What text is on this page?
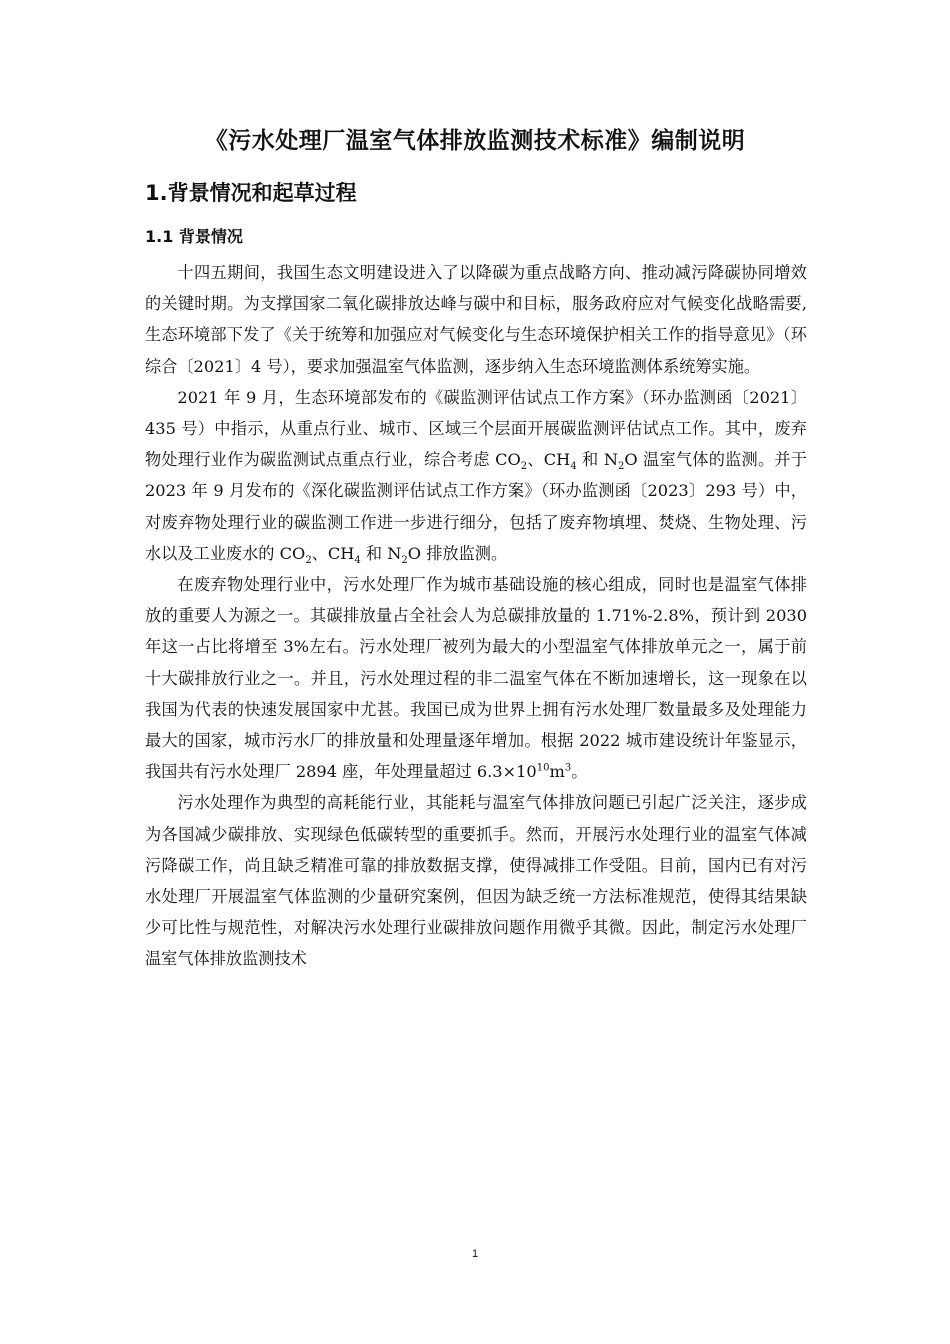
《污水处理厂温室气体排放监测技术标准》编制说明
1.背景情况和起草过程
1.1 背景情况

十四五期间，我国生态文明建设进入了以降碳为重点战略方向、推动减污降碳协同增效的关键时期。为支撑国家二氧化碳排放达峰与碳中和目标，服务政府应对气候变化战略需要,生态环境部下发了《关于统筹和加强应对气候变化与生态环境保护相关工作的指导意见》（环综合〔2021〕4 号），要求加强温室气体监测，逐步纳入生态环境监测体系统筹实施。

2021 年 9 月，生态环境部发布的《碳监测评估试点工作方案》（环办监测函〔2021〕435 号）中指示，从重点行业、城市、区域三个层面开展碳监测评估试点工作。其中，废弃物处理行业作为碳监测试点重点行业，综合考虑 $CO_2$、$CH_4$ 和 $N_2O$ 温室气体的监测。并于 2023 年 9 月发布的《深化碳监测评估试点工作方案》（环办监测函〔2023〕293 号）中，对废弃物处理行业的碳监测工作进一步进行细分，包括了废弃物填埋、焚烧、生物处理、污水以及工业废水的 $CO_2$、$CH_4$ 和 $N_2O$ 排放监测。

在废弃物处理行业中，污水处理厂作为城市基础设施的核心组成，同时也是温室气体排放的重要人为源之一。其碳排放量占全社会人为总碳排放量的 1.71%-2.8%，预计到 2030 年这一占比将增至 3%左右。污水处理厂被列为最大的小型温室气体排放单元之一，属于前十大碳排放行业之一。并且，污水处理过程的非二温室气体在不断加速增长，这一现象在以我国为代表的快速发展国家中尤甚。我国已成为世界上拥有污水处理厂数量最多及处理能力最大的国家，城市污水厂的排放量和处理量逐年增加。根据 2022 城市建设统计年鉴显示，我国共有污水处理厂 2894 座，年处理量超过 $6.3\times 10^{10}m^3$。

污水处理作为典型的高耗能行业，其能耗与温室气体排放问题已引起广泛关注，逐步成为各国减少碳排放、实现绿色低碳转型的重要抓手。然而，开展污水处理行业的温室气体减污降碳工作，尚且缺乏精准可靠的排放数据支撑，使得减排工作受阻。目前，国内已有对污水处理厂开展温室气体监测的少量研究案例，但因为缺乏统一方法标准规范，使得其结果缺少可比性与规范性，对解决污水处理行业碳排放问题作用微乎其微。因此，制定污水处理厂温室气体排放监测技术

1
